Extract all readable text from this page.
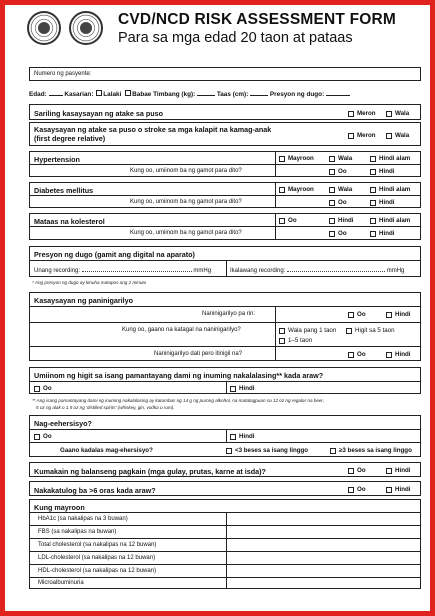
CVD/NCD RISK ASSESSMENT FORM
Para sa mga edad 20 taon at pataas
Numero ng pasyente:
Edad:	Kasarian: Lalaki Babae Timbang (kg):	Taas (cm):	Presyon ng dugo:
Sariling kasaysayan ng atake sa puso	Meron	Wala
Kasaysayan ng atake sa puso o stroke sa mga kalapit na kamag-anak (first degree relative)	Meron	Wala
Hypertension	Mayroon	Wala	Hindi alam
Kung oo, umiinom ba ng gamot para dito?	Oo	Hindi
Diabetes mellitus	Mayroon	Wala	Hindi alam
Kung oo, umiinom ba ng gamot para dito?	Oo	Hindi
Mataas na kolesterol	Oo	Hindi	Hindi alam
Kung oo, umiinom ba ng gamot para dito?	Oo	Hindi
Presyon ng dugo (gamit ang digital na aparato)
Unang recording:	mmHg	Ikalawang recording:	mmHg
* Ang presyon ng dugo ay kinuha matapos ang 2 minuto
Kasaysayan ng paninigarilyo
Naninigarilyo pa rin:	Oo	Hindi
Kung oo, gaano na katagal na naninigarilyo?	Wala pang 1 taon	Higit sa 5 taon
1–5 taon
Naninigarilyo dati pero itinigil na?	Oo	Hindi
Umiinom ng higit sa isang pamantayang dami ng inuming nakalalasing** kada araw?
Oo	Hindi
** Ang isang pamantayang dami ng inuming nakalalasing ay katumbas ng 14 g ng purong alkohol, na matatagpuan sa 12 oz ng regular na beer,
5 oz ng alak o 1.5 oz ng 'distilled spirits' (whiskey, gin, vodka o rum).
Nag-eehersisyo?
Oo	Hindi
Gaano kadalas mag-ehersisyo?	<3 beses sa isang linggo	≥3 beses sa isang linggo
Kumakain ng balanseng pagkain (mga gulay, prutas, karne at isda)?	Oo	Hindi
Nakakatulog ba >6 oras kada araw?	Oo	Hindi
Kung mayroon
HbA1c (sa nakalipas na 3 buwan)
FBS (sa nakalipas na buwan)
Total cholesterol (sa nakalipas na 12 buwan)
LDL-cholesterol (sa nakalipas na 12 buwan)
HDL-cholesterol (sa nakalipas na 12 buwan)
Microalbuminuria
